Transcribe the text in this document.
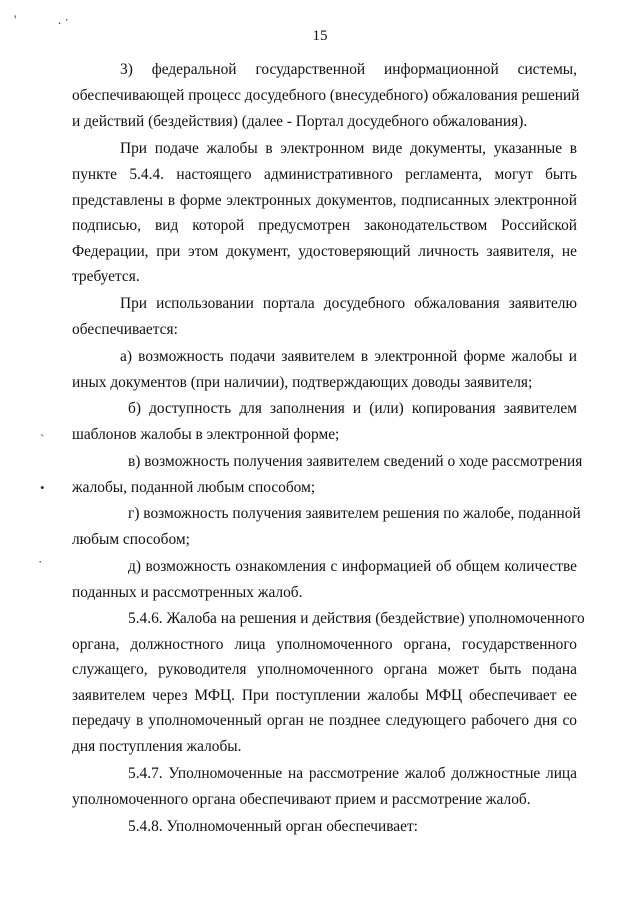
15
'	. ·
ˎ
•
·
3) федеральной государственной информационной системы,
обеспечивающей процесс досудебного (внесудебного) обжалования решений
и действий (бездействия) (далее - Портал досудебного обжалования).
При подаче жалобы в электронном виде документы, указанные в
пункте 5.4.4. настоящего административного регламента, могут быть
представлены в форме электронных документов, подписанных электронной
подписью, вид которой предусмотрен законодательством Российской
Федерации, при этом документ, удостоверяющий личность заявителя, не
требуется.
При использовании портала досудебного обжалования заявителю
обеспечивается:
а) возможность подачи заявителем в электронной форме жалобы и
иных документов (при наличии), подтверждающих доводы заявителя;
б) доступность для заполнения и (или) копирования заявителем
шаблонов жалобы в электронной форме;
в) возможность получения заявителем сведений о ходе рассмотрения
жалобы, поданной любым способом;
г) возможность получения заявителем решения по жалобе, поданной
любым способом;
д) возможность ознакомления с информацией об общем количестве
поданных и рассмотренных жалоб.
5.4.6. Жалоба на решения и действия (бездействие) уполномоченного
органа, должностного лица уполномоченного органа, государственного
служащего, руководителя уполномоченного органа может быть подана
заявителем через МФЦ. При поступлении жалобы МФЦ обеспечивает ее
передачу в уполномоченный орган не позднее следующего рабочего дня со
дня поступления жалобы.
5.4.7. Уполномоченные на рассмотрение жалоб должностные лица
уполномоченного органа обеспечивают прием и рассмотрение жалоб.
5.4.8. Уполномоченный орган обеспечивает:
